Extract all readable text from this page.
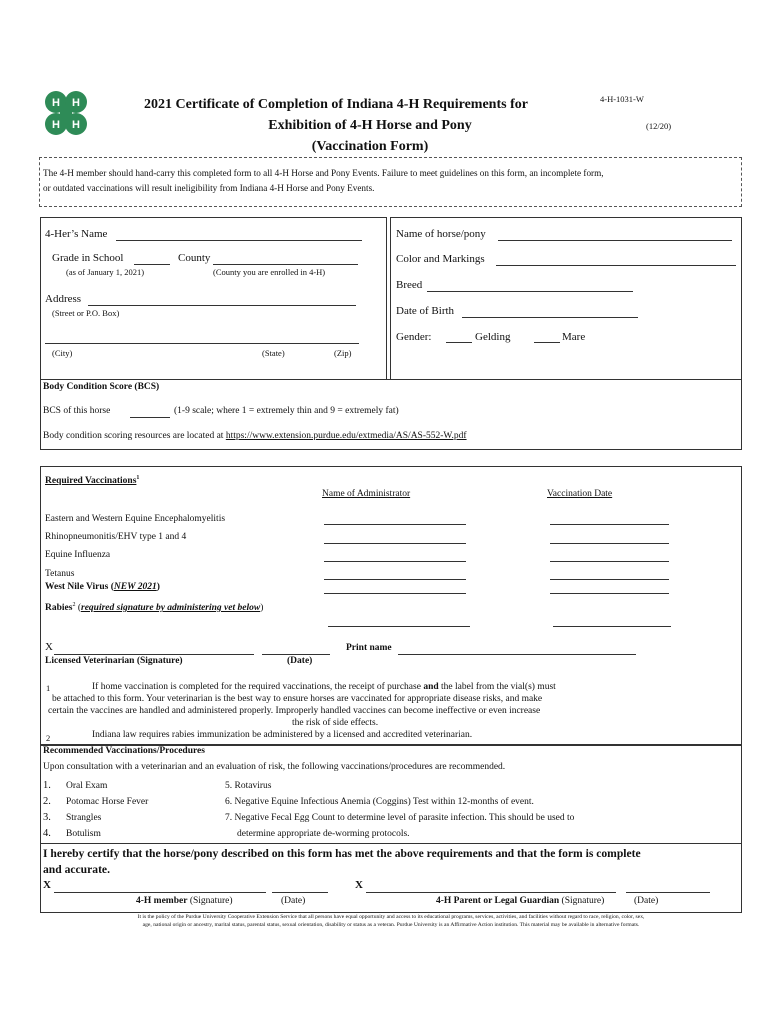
H H
H H
4-H-1031-W
(12/20)
2021 Certificate of Completion of Indiana 4-H Requirements for
Exhibition of 4-H Horse and Pony
(Vaccination Form)
The 4-H member should hand-carry this completed form to all 4-H Horse and Pony Events. Failure to meet guidelines on this form, an incomplete form,
or outdated vaccinations will result ineligibility from Indiana 4-H Horse and Pony Events.
4-Her’s Name
Grade in School	County
(as of January 1, 2021)	(County you are enrolled in 4-H)
Address
(Street or P.O. Box)
(City)	(State)	(Zip)
Name of horse/pony
Color and Markings
Breed
Date of Birth
Gender:	Gelding	Mare
Body Condition Score (BCS)
BCS of this horse	(1-9 scale; where 1 = extremely thin and 9 = extremely fat)
Body condition scoring resources are located at https://www.extension.purdue.edu/extmedia/AS/AS-552-W.pdf
Required Vaccinations$^1$
Name of Administrator	Vaccination Date
Eastern and Western Equine Encephalomyelitis
Rhinopneumonitis/EHV type 1 and 4
Equine Influenza
Tetanus
West Nile Virus (NEW 2021)
Rabies$^2$ (required signature by administering vet below)
X	Print name
Licensed Veterinarian (Signature)	(Date)
1	If home vaccination is completed for the required vaccinations, the receipt of purchase and the label from the vial(s) must
be attached to this form. Your veterinarian is the best way to ensure horses are vaccinated for appropriate disease risks, and make
certain the vaccines are handled and administered properly. Improperly handled vaccines can become ineffective or even increase
the risk of side effects.
2	Indiana law requires rabies immunization be administered by a licensed and accredited veterinarian.
Recommended Vaccinations/Procedures
Upon consultation with a veterinarian and an evaluation of risk, the following vaccinations/procedures are recommended.
1. Oral Exam
2. Potomac Horse Fever
3. Strangles
4. Botulism
5. Rotavirus
6. Negative Equine Infectious Anemia (Coggins) Test within 12-months of event.
7. Negative Fecal Egg Count to determine level of parasite infection. This should be used to
determine appropriate de-worming protocols.
I hereby certify that the horse/pony described on this form has met the above requirements and that the form is complete
and accurate.
X	X
4-H member (Signature)	(Date)	4-H Parent or Legal Guardian (Signature)	(Date)
It is the policy of the Purdue University Cooperative Extension Service that all persons have equal opportunity and access to its educational programs, services, activities, and facilities without regard to race, religion, color, sex,
age, national origin or ancestry, marital status, parental status, sexual orientation, disability or status as a veteran. Purdue University is an Affirmative Action institution. This material may be available in alternative formats.
